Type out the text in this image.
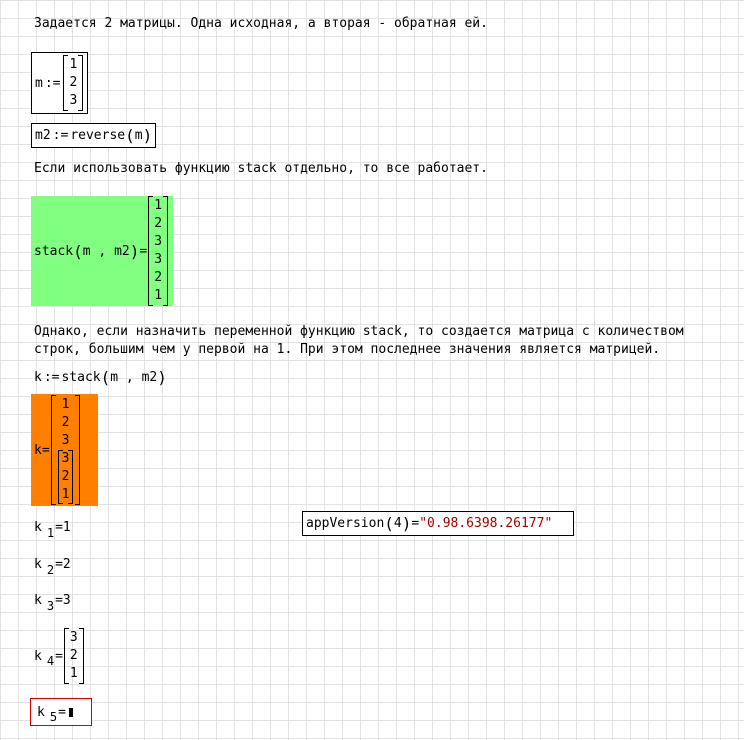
Задается 2 матрицы. Одна исходная, а вторая - обратная ей.
m :=
1
2
3
m2 := reverse ( m )
Если использовать функцию stack отдельно, то все работает.
stack ( m , m2 ) =
1
2
3
3
2
1
Однако, если назначить переменной функцию stack, то создается матрица с количеством
строк, большим чем у первой на 1. При этом последнее значения является матрицей.
k := stack ( m , m2 )
k =
1
2
3
3
2
1
appVersion ( 4 ) = "0.98.6398.26177"
k 1 = 1
k 2 = 2
k 3 = 3
k 4 =
3
2
1
k 5 =
